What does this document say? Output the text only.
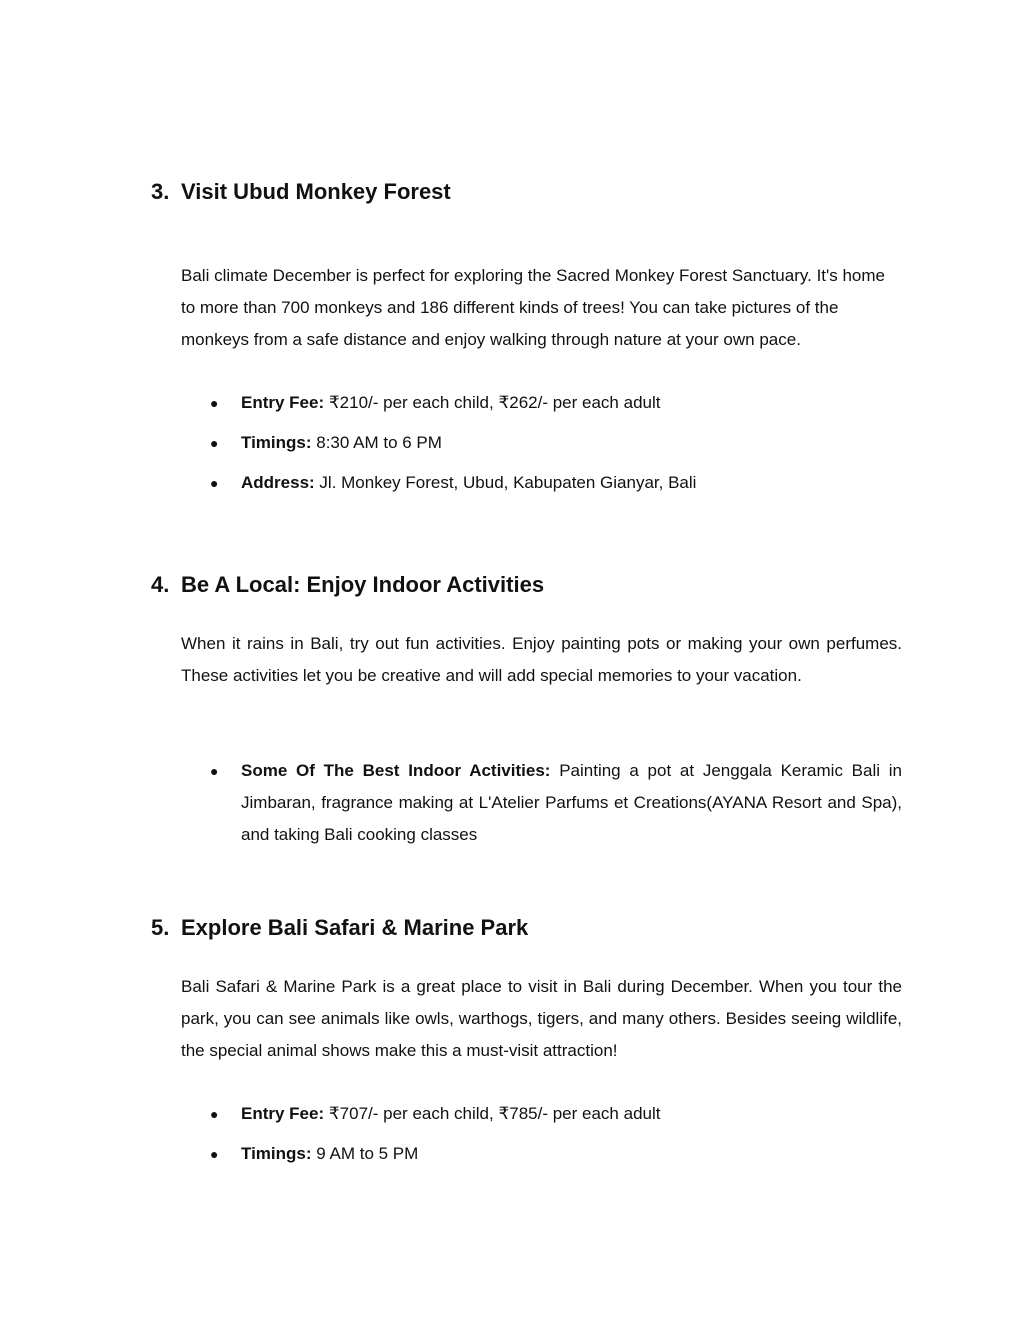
3. Visit Ubud Monkey Forest

Bali climate December is perfect for exploring the Sacred Monkey Forest Sanctuary. It's home to more than 700 monkeys and 186 different kinds of trees! You can take pictures of the monkeys from a safe distance and enjoy walking through nature at your own pace.

● Entry Fee: ₹210/- per each child, ₹262/- per each adult
● Timings: 8:30 AM to 6 PM
● Address: Jl. Monkey Forest, Ubud, Kabupaten Gianyar, Bali
4. Be A Local: Enjoy Indoor Activities

When it rains in Bali, try out fun activities. Enjoy painting pots or making your own perfumes. These activities let you be creative and will add special memories to your vacation.

● Some Of The Best Indoor Activities: Painting a pot at Jenggala Keramic Bali in Jimbaran, fragrance making at L'Atelier Parfums et Creations(AYANA Resort and Spa), and taking Bali cooking classes
5. Explore Bali Safari & Marine Park

Bali Safari & Marine Park is a great place to visit in Bali during December. When you tour the park, you can see animals like owls, warthogs, tigers, and many others. Besides seeing wildlife, the special animal shows make this a must-visit attraction!

● Entry Fee: ₹707/- per each child, ₹785/- per each adult
● Timings: 9 AM to 5 PM
